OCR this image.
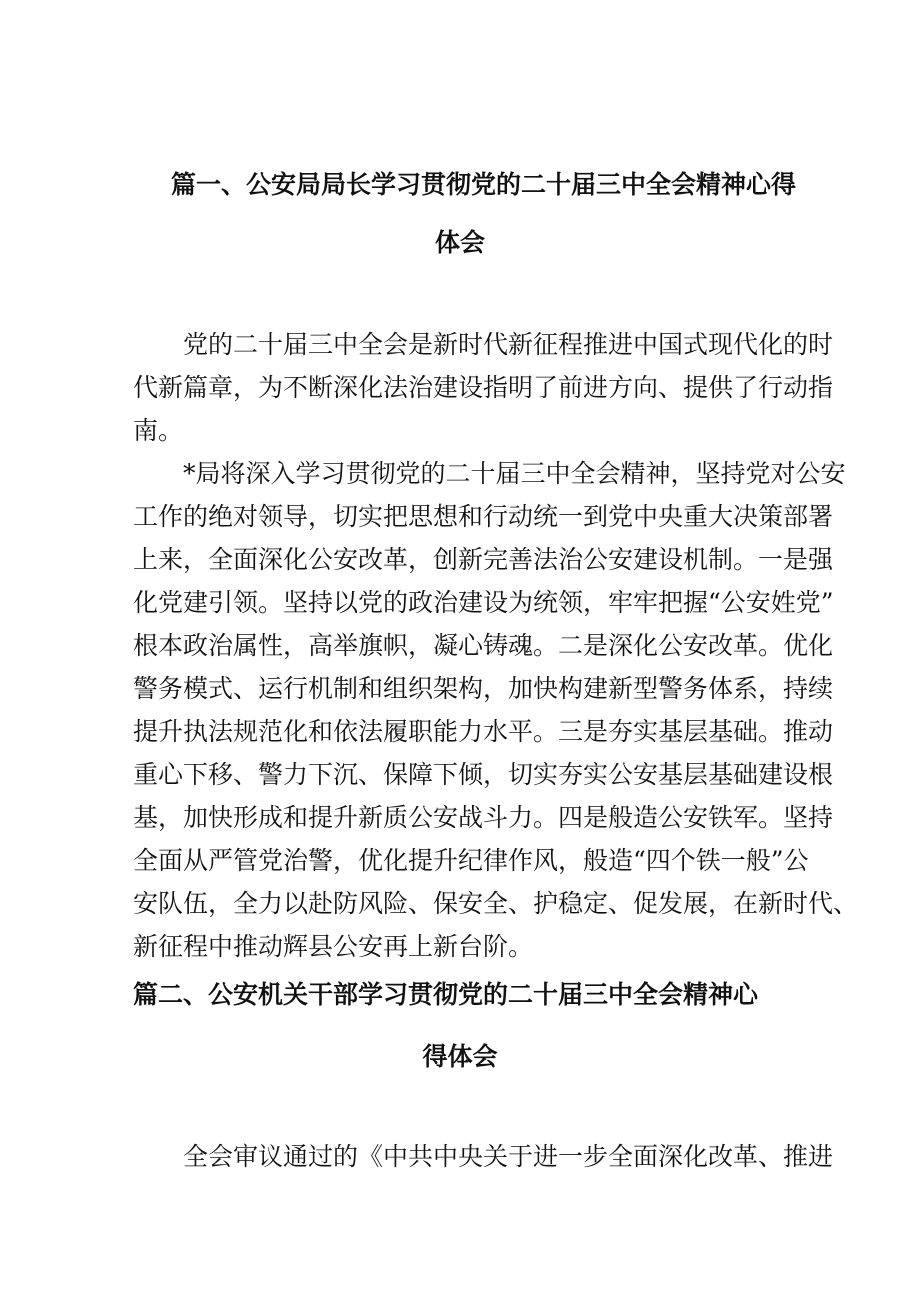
篇一、公安局局长学习贯彻党的二十届三中全会精神心得
体会

党的二十届三中全会是新时代新征程推进中国式现代化的时

代新篇章，为不断深化法治建设指明了前进方向、提供了行动指

南。

*局将深入学习贯彻党的二十届三中全会精神，坚持党对公安

工作的绝对领导，切实把思想和行动统一到党中央重大决策部署

上来，全面深化公安改革，创新完善法治公安建设机制。一是强

化党建引领。坚持以党的政治建设为统领，牢牢把握“公安姓党”

根本政治属性，高举旗帜，凝心铸魂。二是深化公安改革。优化

警务模式、运行机制和组织架构，加快构建新型警务体系，持续

提升执法规范化和依法履职能力水平。三是夯实基层基础。推动

重心下移、警力下沉、保障下倾，切实夯实公安基层基础建设根

基，加快形成和提升新质公安战斗力。四是般造公安铁军。坚持

全面从严管党治警，优化提升纪律作风，般造“四个铁一般”公

安队伍，全力以赴防风险、保安全、护稳定、促发展，在新时代、

新征程中推动辉县公安再上新台阶。

篇二、公安机关干部学习贯彻党的二十届三中全会精神心
得体会

全会审议通过的《中共中央关于进一步全面深化改革、推进
